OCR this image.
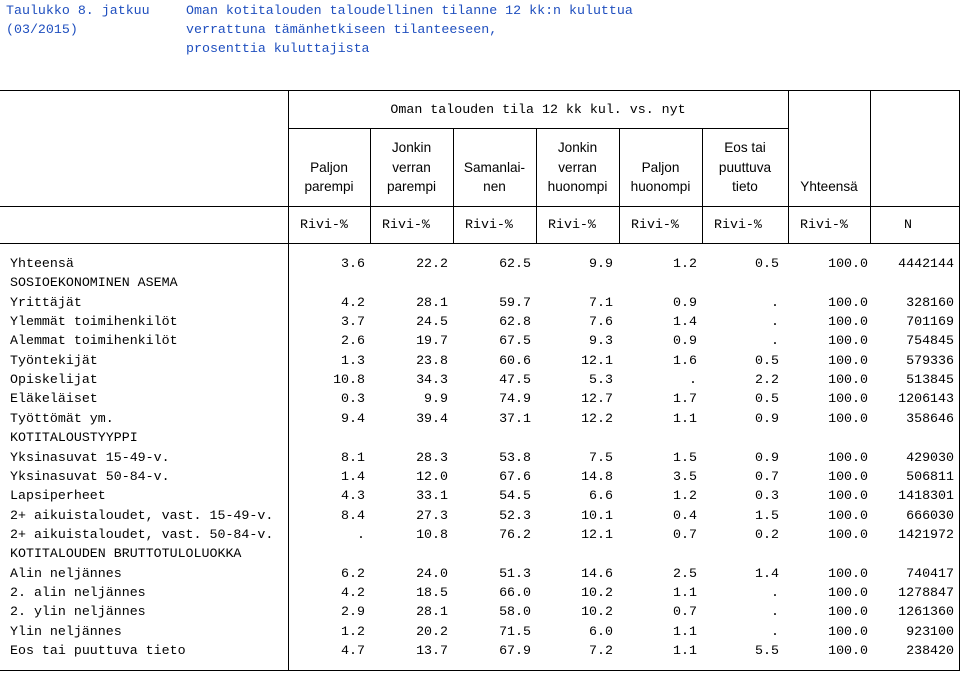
Taulukko 8. jatkuu
(03/2015)
Oman kotitalouden taloudellinen tilanne 12 kk:n kuluttua
verrattuna tämänhetkiseen tilanteeseen,
prosenttia kuluttajista
Oman talouden tila 12 kk kul. vs. nyt
Paljon
parempi
Jonkin
verran
parempi
Samanlai-
nen
Jonkin
verran
huonompi
Paljon
huonompi
Eos tai
puuttuva
tieto	Yhteensä
Rivi-%	Rivi-%	Rivi-%	Rivi-%	Rivi-%	Rivi-%	Rivi-%	N
Yhteensä	3.6	22.2	62.5	9.9	1.2	0.5	100.0 4442144
SOSIOEKONOMINEN ASEMA
Yrittäjät	4.2	28.1	59.7	7.1	0.9	.	100.0	328160
Ylemmät toimihenkilöt	3.7	24.5	62.8	7.6	1.4	.	100.0	701169
Alemmat toimihenkilöt	2.6	19.7	67.5	9.3	0.9	.	100.0	754845
Työntekijät	1.3	23.8	60.6	12.1	1.6	0.5	100.0	579336
Opiskelijat	10.8	34.3	47.5	5.3	.	2.2	100.0	513845
Eläkeläiset	0.3	9.9	74.9	12.7	1.7	0.5	100.0 1206143
Työttömät ym.	9.4	39.4	37.1	12.2	1.1	0.9	100.0	358646
KOTITALOUSTYYPPI
Yksinasuvat 15-49-v.	8.1	28.3	53.8	7.5	1.5	0.9	100.0	429030
Yksinasuvat 50-84-v.	1.4	12.0	67.6	14.8	3.5	0.7	100.0	506811
Lapsiperheet	4.3	33.1	54.5	6.6	1.2	0.3	100.0 1418301
2+ aikuistaloudet, vast. 15-49-v.	8.4	27.3	52.3	10.1	0.4	1.5	100.0	666030
2+ aikuistaloudet, vast. 50-84-v.	.	10.8	76.2	12.1	0.7	0.2	100.0 1421972
KOTITALOUDEN BRUTTOTULOLUOKKA
Alin neljännes	6.2	24.0	51.3	14.6	2.5	1.4	100.0	740417
2. alin neljännes	4.2	18.5	66.0	10.2	1.1	.	100.0 1278847
2. ylin neljännes	2.9	28.1	58.0	10.2	0.7	.	100.0 1261360
Ylin neljännes	1.2	20.2	71.5	6.0	1.1	.	100.0	923100
Eos tai puuttuva tieto	4.7	13.7	67.9	7.2	1.1	5.5	100.0	238420
